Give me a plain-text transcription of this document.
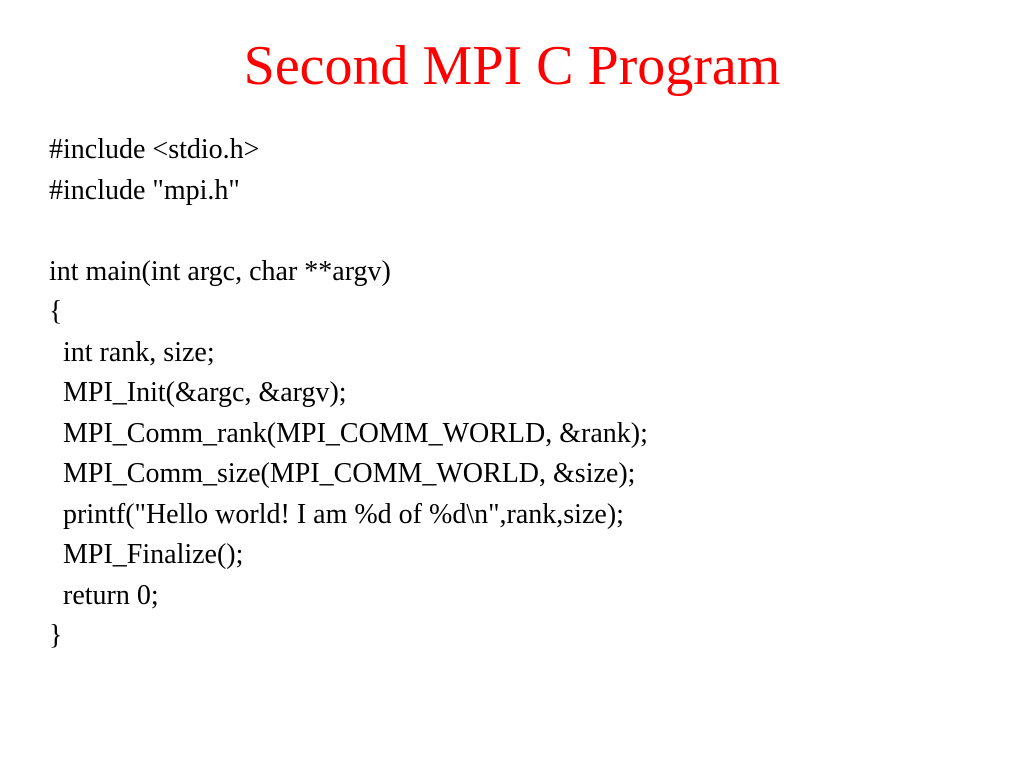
Second MPI C Program
#include <stdio.h>
#include "mpi.h"

int main(int argc, char **argv)
{
int rank, size;
MPI_Init(&argc, &argv);
MPI_Comm_rank(MPI_COMM_WORLD, &rank);
MPI_Comm_size(MPI_COMM_WORLD, &size);
printf("Hello world! I am %d of %d\n",rank,size);
MPI_Finalize();
return 0;
}
